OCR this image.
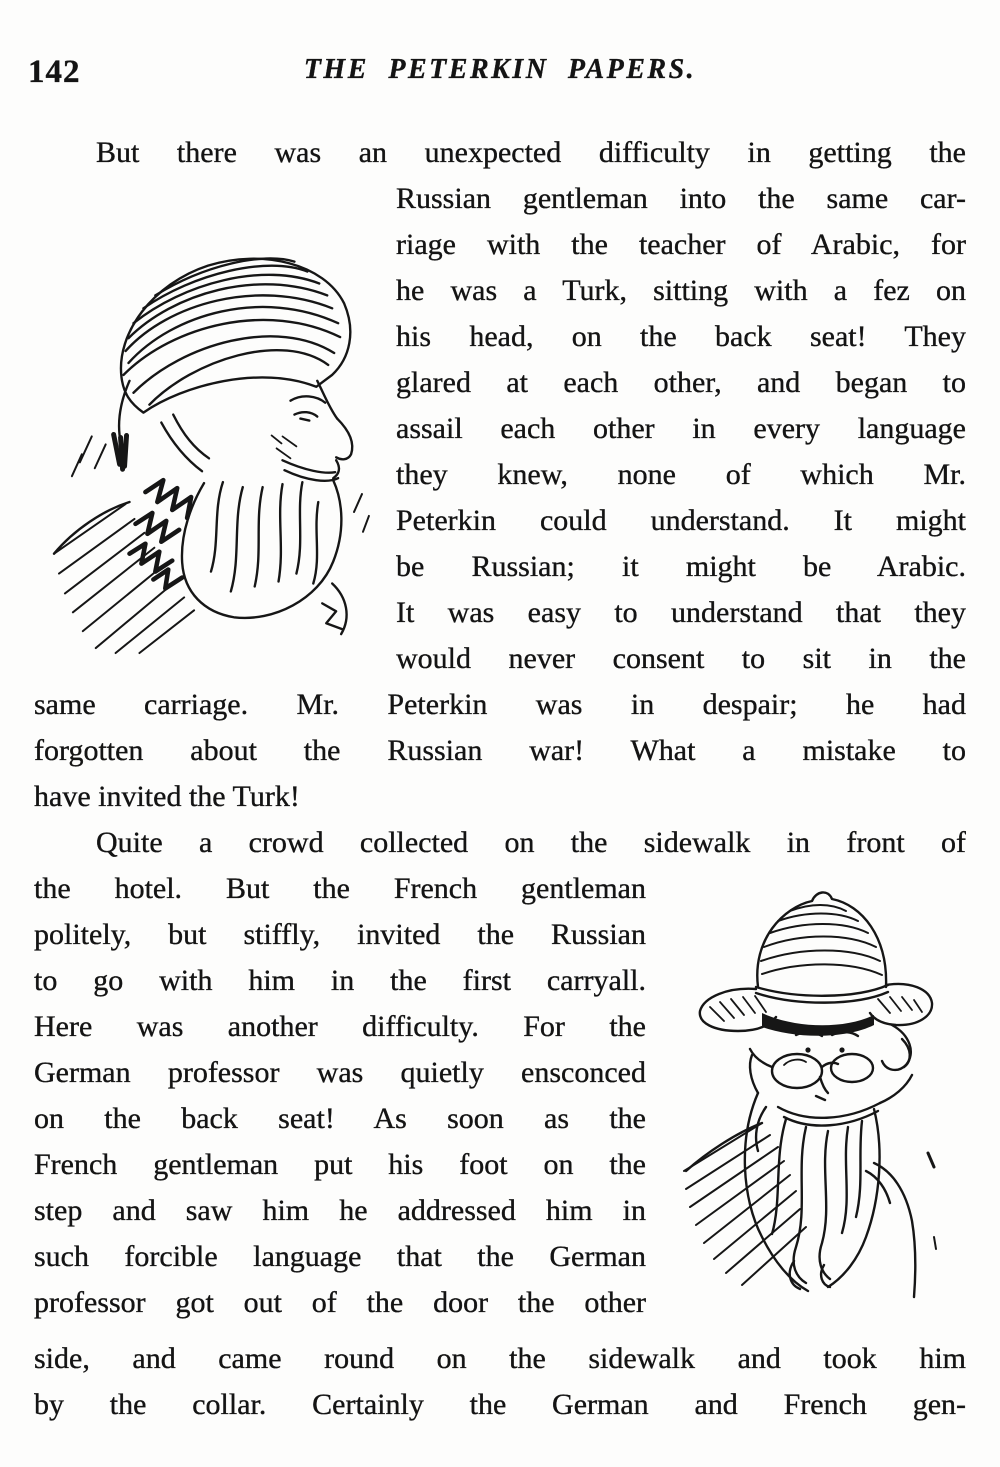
142	THE PETERKIN PAPERS.
But there was an unexpected difficulty in getting the
Russian gentleman into the same car-
riage with the teacher of Arabic, for
he was a Turk, sitting with a fez on
his head, on the back seat! They
glared at each other, and began to
assail each other in every language
they knew, none of which Mr.
Peterkin could understand. It might
be Russian; it might be Arabic.
It was easy to understand that they
would never consent to sit in the
same carriage. Mr. Peterkin was in despair; he had
forgotten about the Russian war! What a mistake to
have invited the Turk!
Quite a crowd collected on the sidewalk in front of
the hotel. But the French gentleman
politely, but stiffly, invited the Russian
to go with him in the first carryall.
Here was another difficulty. For the
German professor was quietly ensconced
on the back seat! As soon as the
French gentleman put his foot on the
step and saw him he addressed him in
such forcible language that the German
professor got out of the door the other
side, and came round on the sidewalk and took him
by the collar. Certainly the German and French gen-
